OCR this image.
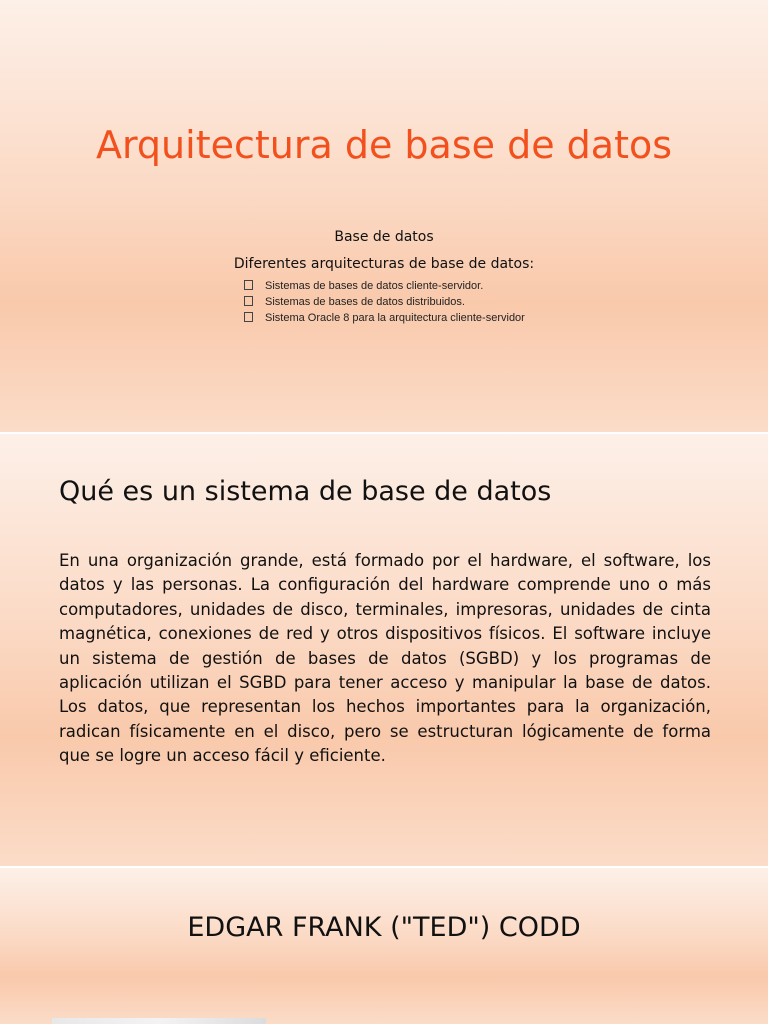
Arquitectura de base de datos
Base de datos
Diferentes arquitecturas de base de datos:
Sistemas de bases de datos cliente-servidor.
Sistemas de bases de datos distribuidos.
Sistema Oracle 8 para la arquitectura cliente-servidor
Qué es un sistema de base de datos

En una organización grande, está formado por el hardware, el software, los datos y las personas. La configuración del hardware comprende uno o más computadores, unidades de disco, terminales, impresoras, unidades de cinta magnética, conexiones de red y otros dispositivos físicos. El software incluye un sistema de gestión de bases de datos (SGBD) y los programas de aplicación utilizan el SGBD para tener acceso y manipular la base de datos. Los datos, que representan los hechos importantes para la organización, radican físicamente en el disco, pero se estructuran lógicamente de forma que se logre un acceso fácil y eficiente.

EDGAR FRANK ("TED") CODD
